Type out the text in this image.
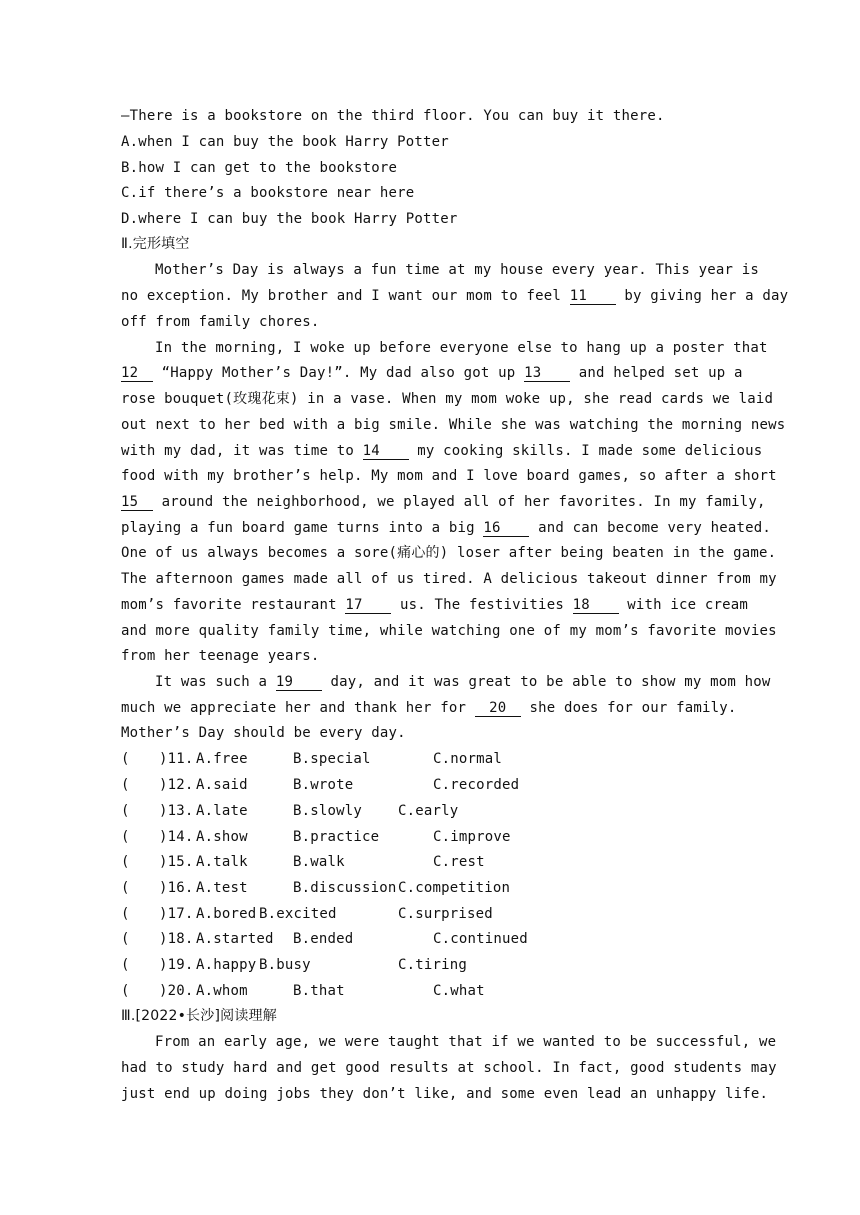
—There is a bookstore on the third floor. You can buy it there.
A.when I can buy the book Harry Potter
B.how I can get to the bookstore
C.if there’s a bookstore near here
D.where I can buy the book Harry Potter
Ⅱ.完形填空
Mother’s Day is always a fun time at my house every year. This year is
no exception. My brother and I want our mom to feel 11	by giving her a day
off from family chores.
In the morning, I woke up before everyone else to hang up a poster that
12 “Happy Mother’s Day!”. My dad also got up 13	and helped set up a
rose bouquet(玫瑰花束) in a vase. When my mom woke up, she read cards we laid
out next to her bed with a big smile. While she was watching the morning news
with my dad, it was time to 14	my cooking skills. I made some delicious
food with my brother’s help. My mom and I love board games, so after a short
15 around the neighborhood, we played all of her favorites. In my family,
playing a fun board game turns into a big 16	and can become very heated.
One of us always becomes a sore(痛心的) loser after being beaten in the game.
The afternoon games made all of us tired. A delicious takeout dinner from my
mom’s favorite restaurant 17	us. The festivities 18	with ice cream
and more quality family time, while watching one of my mom’s favorite movies
from her teenage years.
It was such a 19	day, and it was great to be able to show my mom how
much we appreciate her and thank her for 20 she does for our family.
Mother’s Day should be every day.
( )11. A.free	B.special	C.normal
( )12. A.said	B.wrote	C.recorded
( )13. A.late	B.slowly	C.early
( )14. A.show	B.practice	C.improve
( )15. A.talk	B.walk	C.rest
( )16. A.test	B.discussion C.competition
( )17. A.bored B.excited	C.surprised
( )18. A.started B.ended	C.continued
( )19. A.happy B.busy	C.tiring
( )20. A.whom	B.that	C.what
Ⅲ.[2022•长沙]阅读理解
From an early age, we were taught that if we wanted to be successful, we
had to study hard and get good results at school. In fact, good students may
just end up doing jobs they don’t like, and some even lead an unhappy life.
